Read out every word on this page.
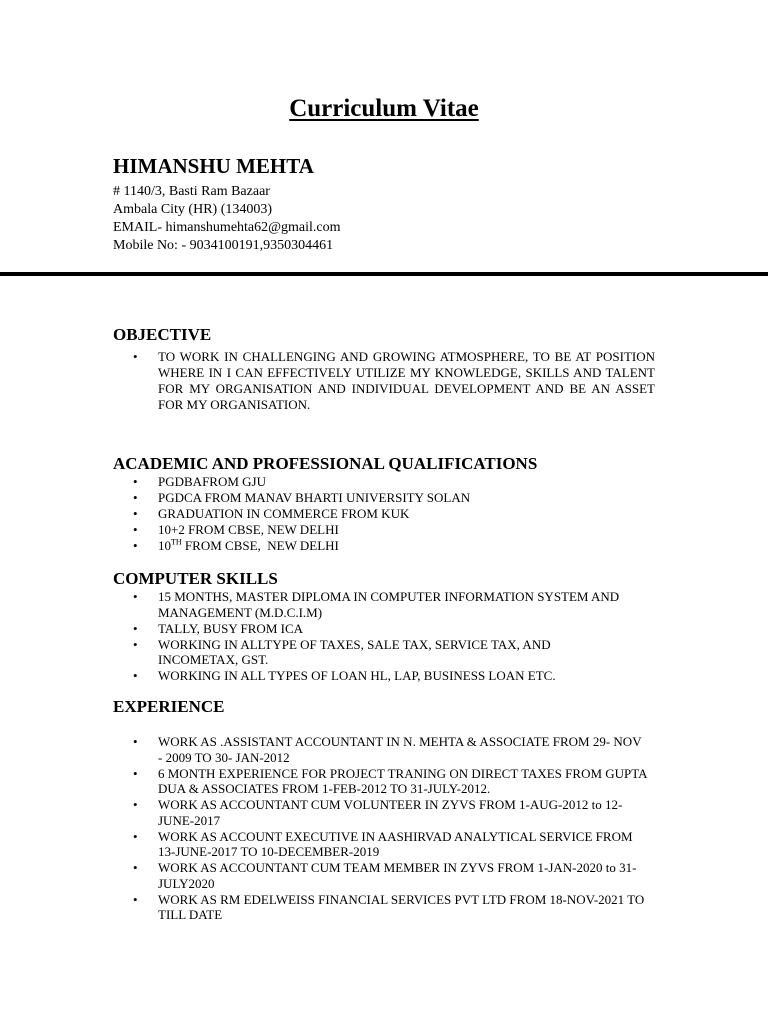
Curriculum Vitae

HIMANSHU MEHTA

# 1140/3, Basti Ram Bazaar

Ambala City (HR) (134003)

EMAIL- himanshumehta62@gmail.com

Mobile No: - 9034100191,9350304461

OBJECTIVE
• TO WORK IN CHALLENGING AND GROWING ATMOSPHERE, TO BE AT POSITION WHERE IN I CAN EFFECTIVELY UTILIZE MY KNOWLEDGE, SKILLS AND TALENT FOR MY ORGANISATION AND INDIVIDUAL DEVELOPMENT AND BE AN ASSET FOR MY ORGANISATION.
ACADEMIC AND PROFESSIONAL QUALIFICATIONS
• PGDBAFROM GJU
• PGDCA FROM MANAV BHARTI UNIVERSITY SOLAN
• GRADUATION IN COMMERCE FROM KUK
• 10+2 FROM CBSE, NEW DELHI
• 10TH FROM CBSE,  NEW DELHI
COMPUTER SKILLS
• 15 MONTHS, MASTER DIPLOMA IN COMPUTER INFORMATION SYSTEM AND MANAGEMENT (M.D.C.I.M)
• TALLY, BUSY FROM ICA
• WORKING IN ALLTYPE OF TAXES, SALE TAX, SERVICE TAX, AND INCOMETAX, GST.
• WORKING IN ALL TYPES OF LOAN HL, LAP, BUSINESS LOAN ETC.
EXPERIENCE
• WORK AS .ASSISTANT ACCOUNTANT IN N. MEHTA & ASSOCIATE FROM 29- NOV - 2009 TO 30- JAN-2012
• 6 MONTH EXPERIENCE FOR PROJECT TRANING ON DIRECT TAXES FROM GUPTA DUA & ASSOCIATES FROM 1-FEB-2012 TO 31-JULY-2012.
• WORK AS ACCOUNTANT CUM VOLUNTEER IN ZYVS FROM 1-AUG-2012 to 12-JUNE-2017
• WORK AS ACCOUNT EXECUTIVE IN AASHIRVAD ANALYTICAL SERVICE FROM 13-JUNE-2017 TO 10-DECEMBER-2019
• WORK AS ACCOUNTANT CUM TEAM MEMBER IN ZYVS FROM 1-JAN-2020 to 31-JULY2020
• WORK AS RM EDELWEISS FINANCIAL SERVICES PVT LTD FROM 18-NOV-2021 TO TILL DATE
